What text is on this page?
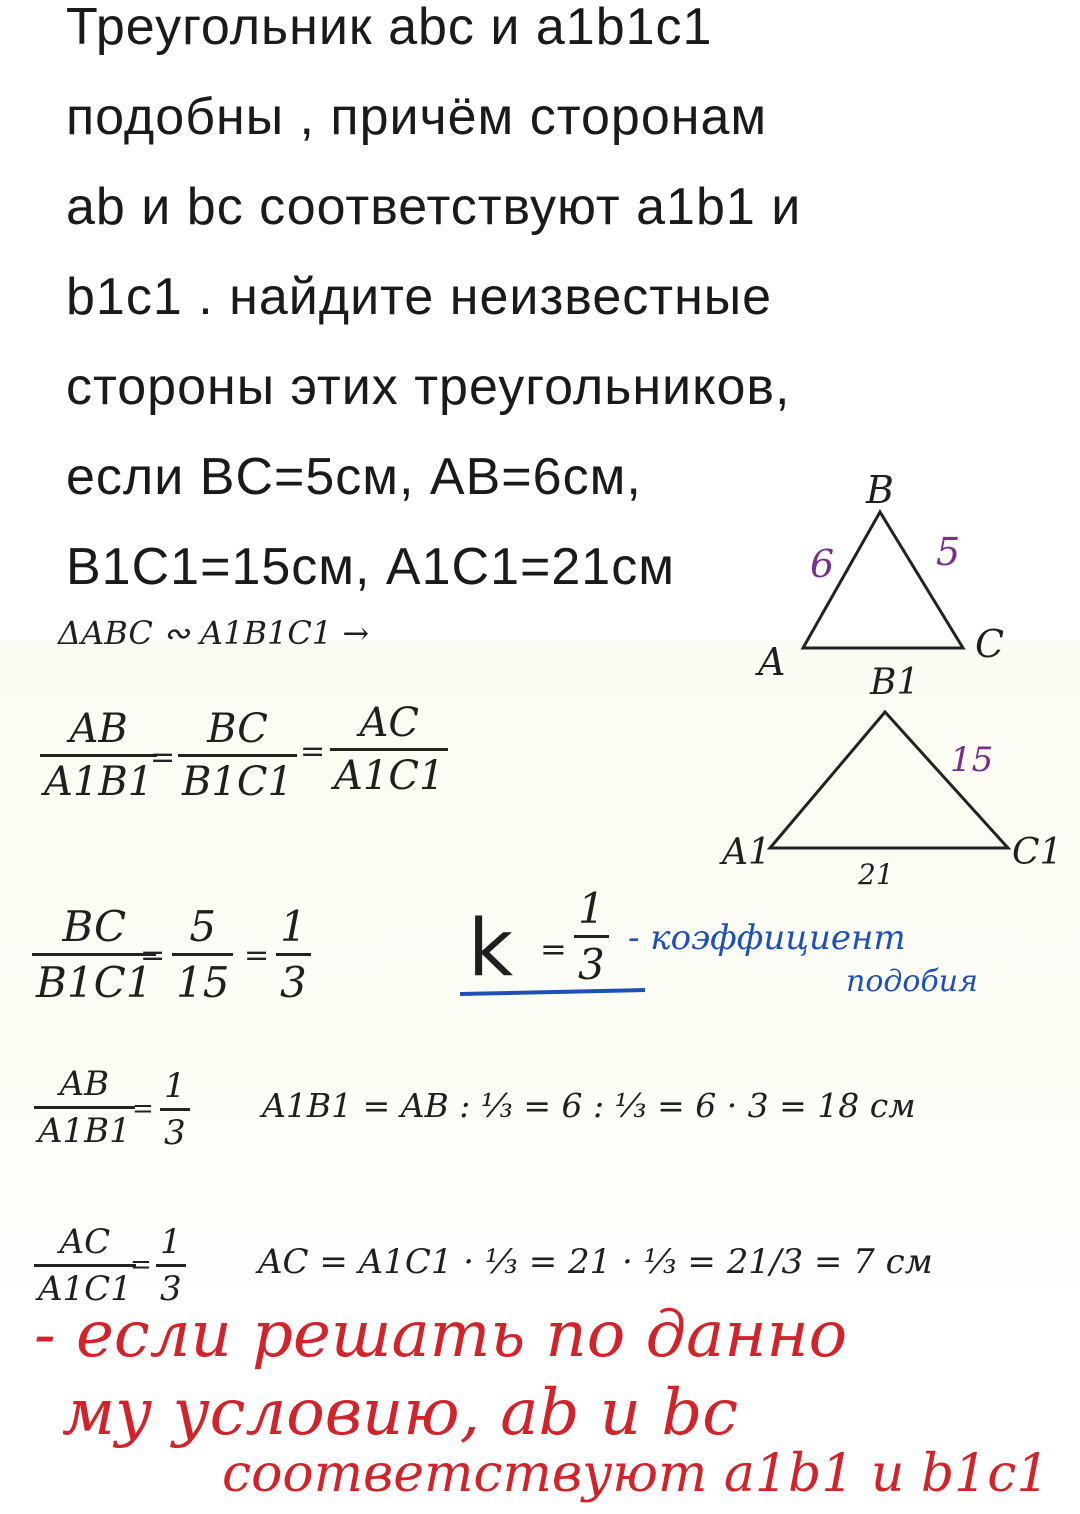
Треугольник abc и a1b1c1
подобны , причём сторонам
ab и bc соответствуют a1b1 и
b1c1 . найдите неизвестные
стороны этих треугольников,
если BC=5см, AB=6см,
B1C1=15см, A1C1=21см
B
A	C
6	5
B1
A1	C1
15
21
ΔABC ∾ A1B1C1 →
AB
A1B1
=
BC
B1C1
=
AC
A1C1
BC
B1C1
=
5
15
=
1
3 k =
1
3
- коэффициент
подобия
AB
A1B1
=
1
3
A1B1 = AB : ⅓ = 6 : ⅓ = 6 · 3 = 18 см
AC
A1C1
=
1
3
AC = A1C1 · ⅓ = 21 · ⅓ = 21/3 = 7 см
- если решать по данно
му условию, ab и bc
соответствуют a1b1 и b1c1
